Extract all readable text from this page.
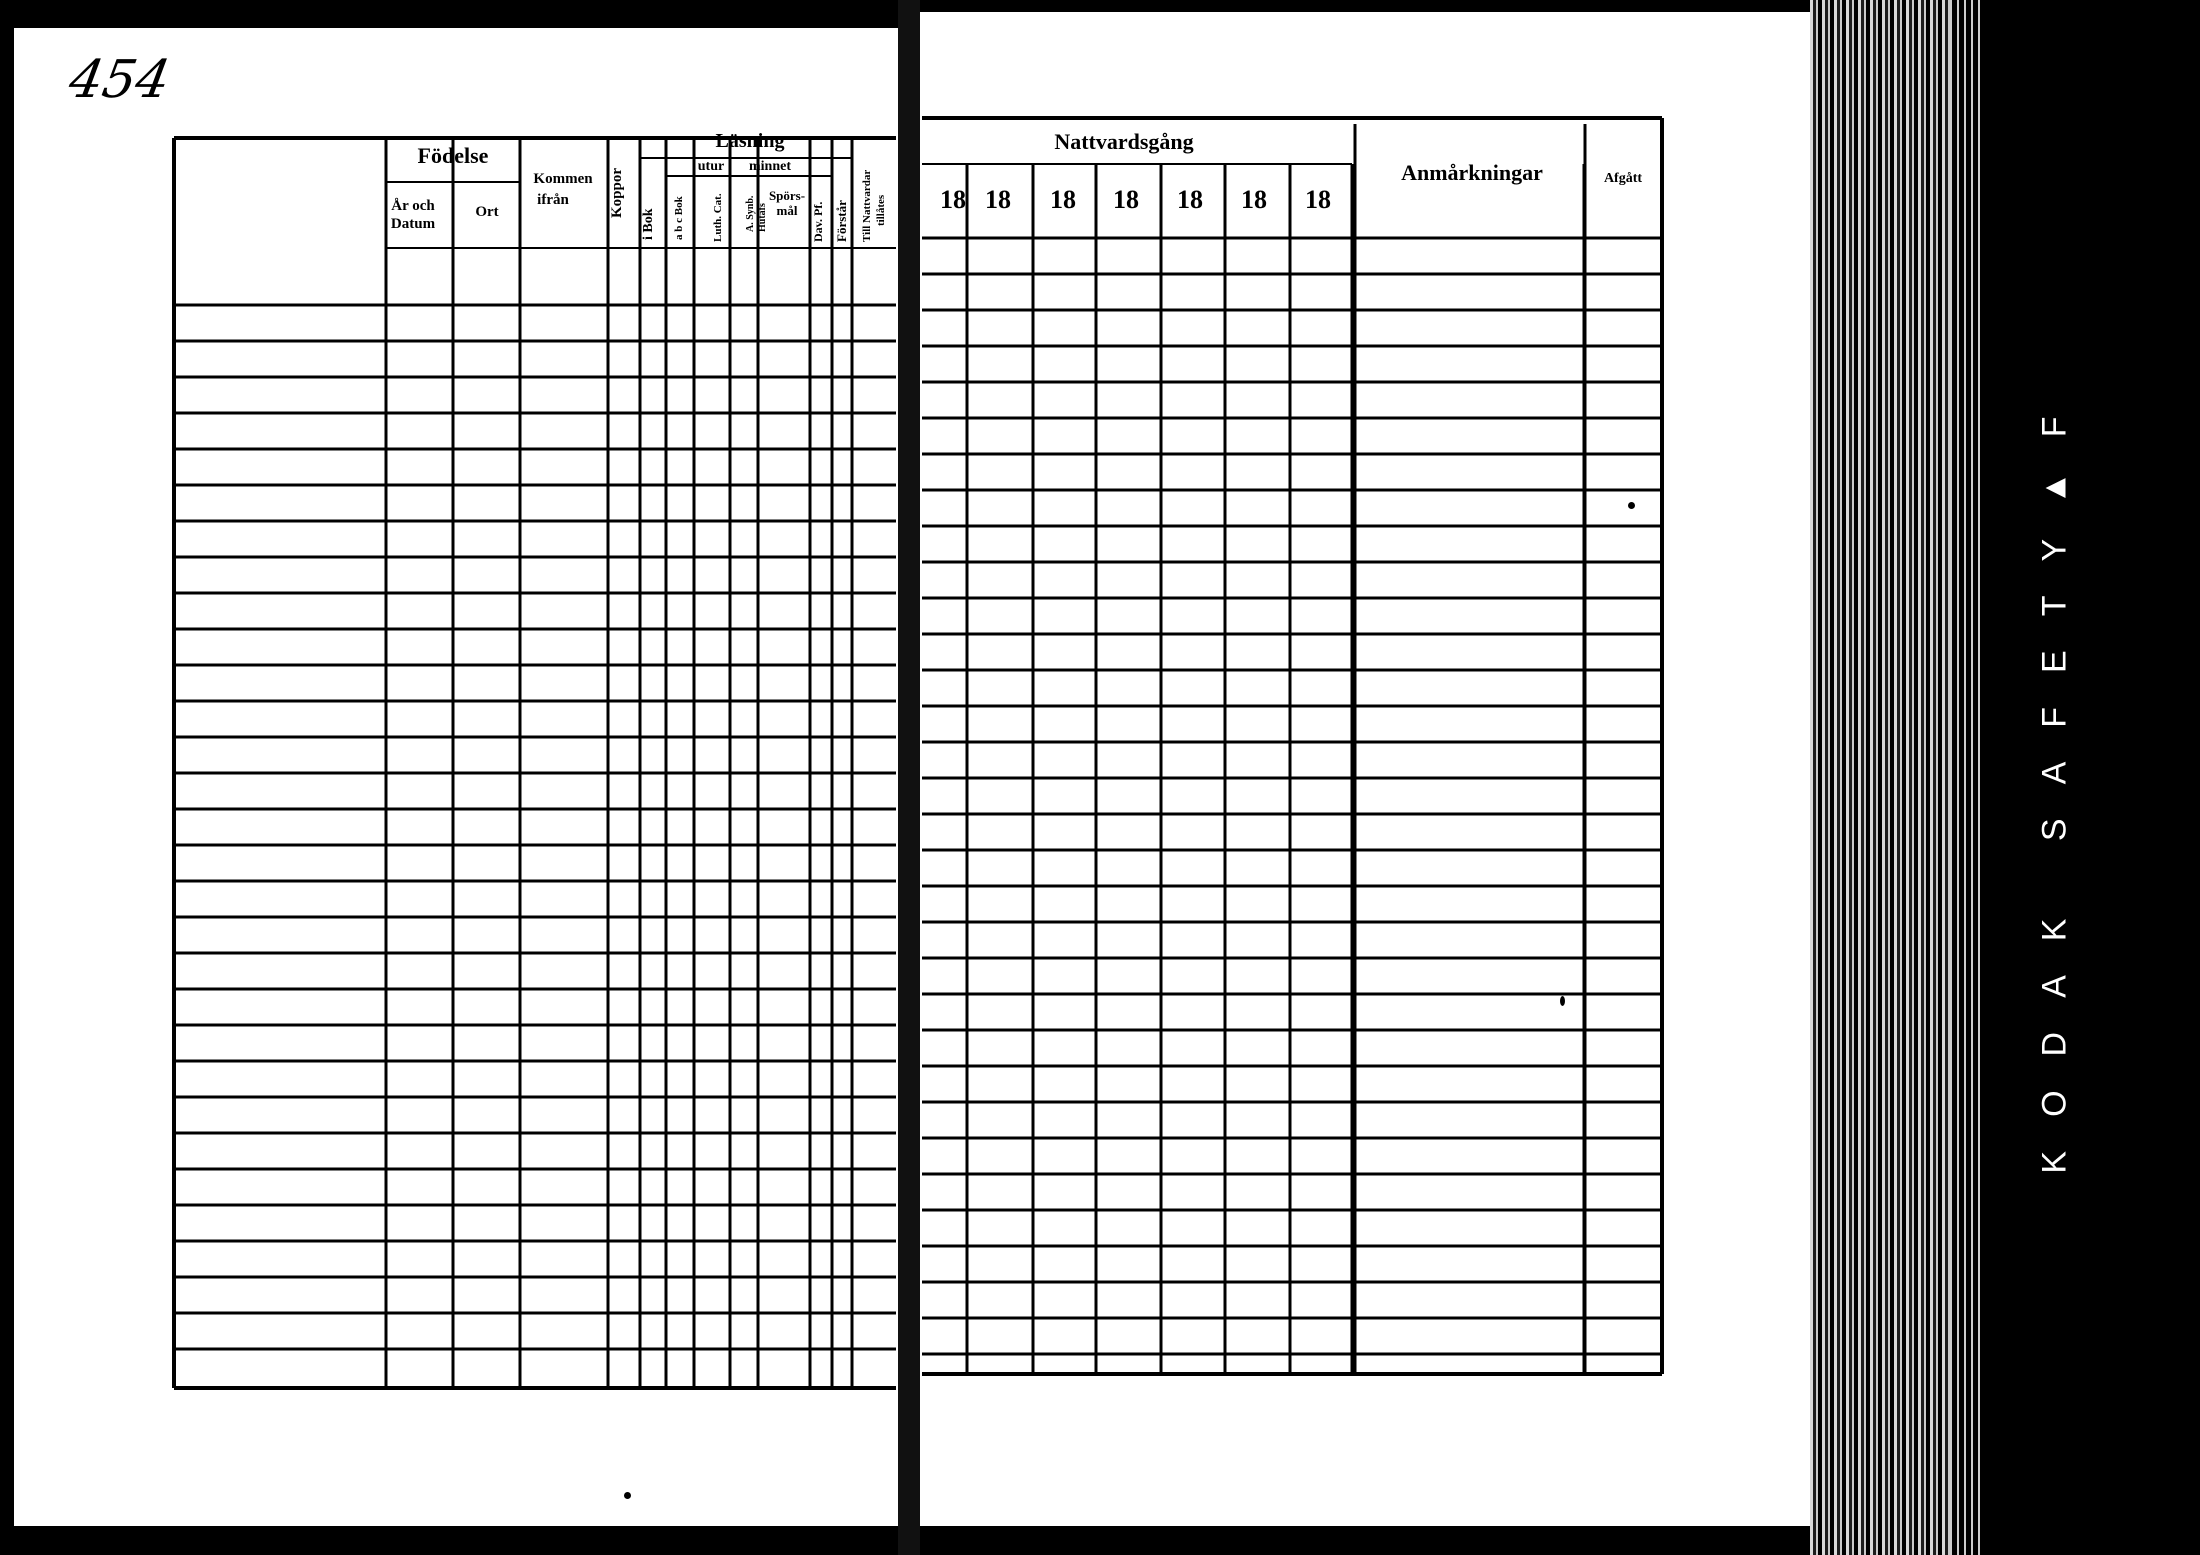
KODAK SAFETY▲F
454
Födelse
År och
Datum
Ort
Kommen
ifrån	Koppor
Läsning
utur minnet
i Bok a b c Bok Luth. Cat. A. Synb. Hutafs
Spörs-
mål Dav. Pf. Förstår Till Nattvardar tillåtes
Nattvardsgång
18 18 18 18 18 18 18
Anmårkningar	Afgått
